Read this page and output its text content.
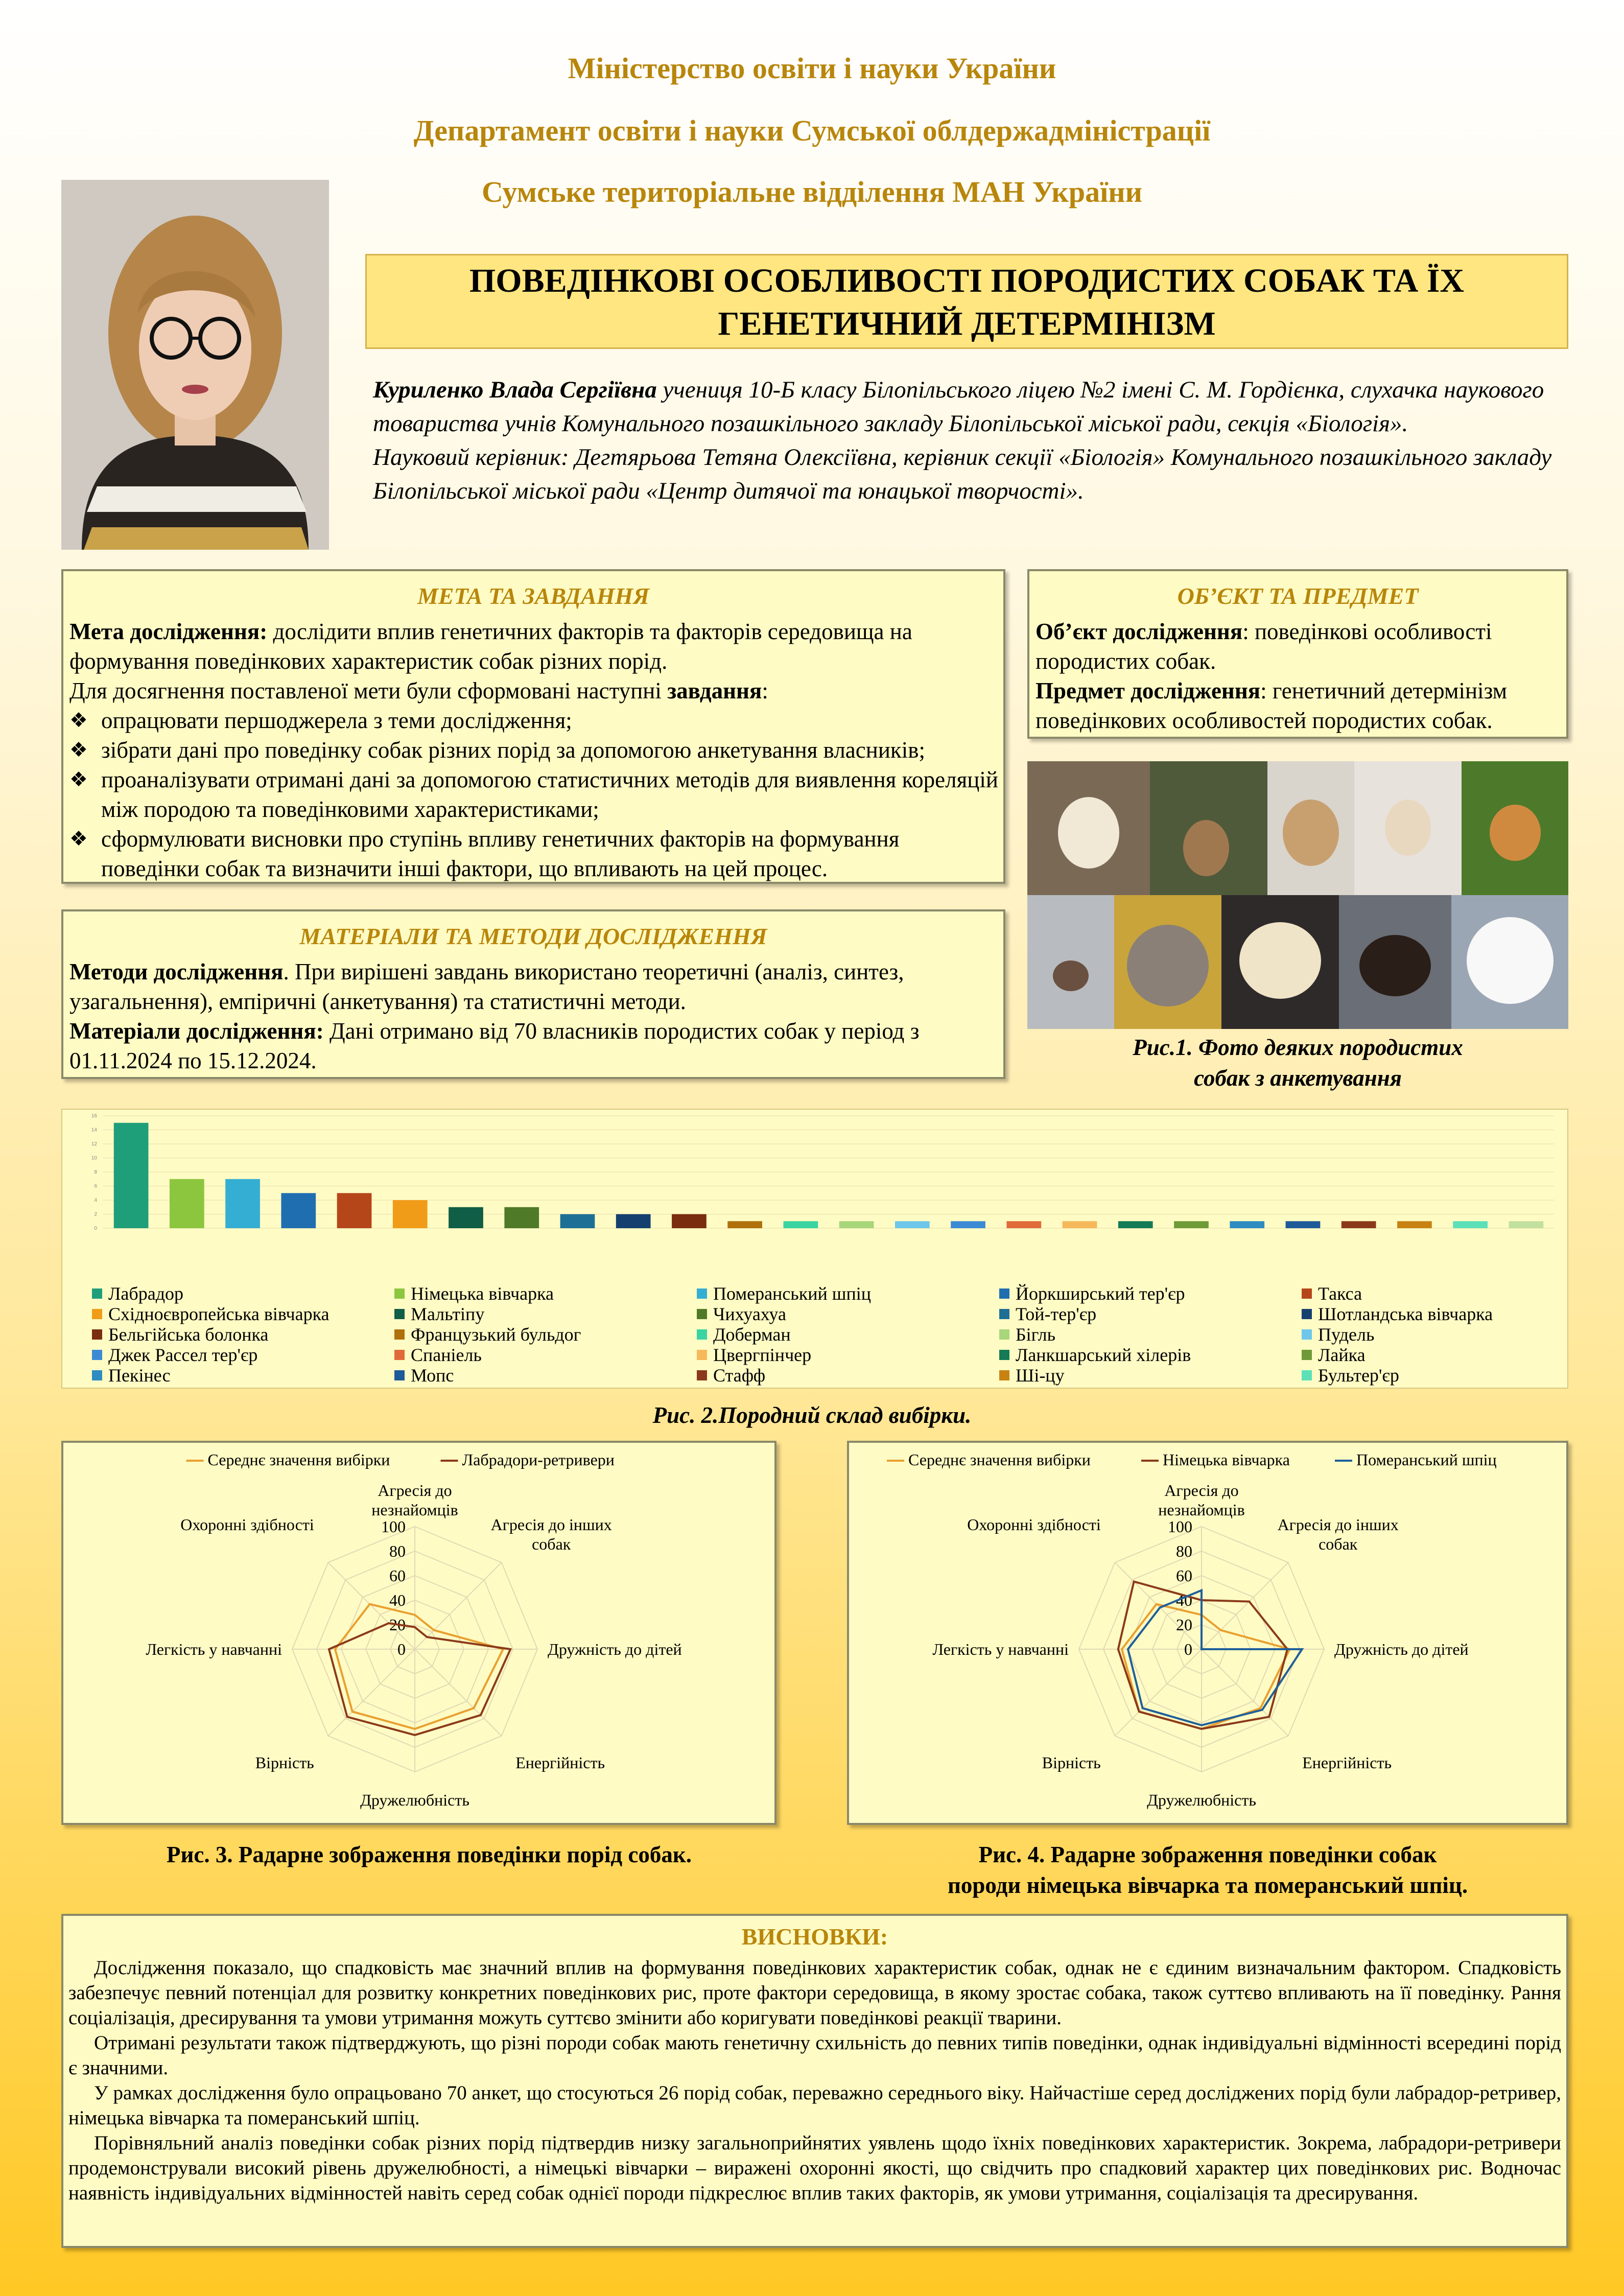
Міністерство освіти і науки України
Департамент освіти і науки Сумської облдержадміністрації
Сумське територіальне відділення МАН України
ПОВЕДІНКОВІ ОСОБЛИВОСТІ ПОРОДИСТИХ СОБАК ТА ЇХ
ГЕНЕТИЧНИЙ ДЕТЕРМІНІЗМ
Куриленко Влада Сергіївна учениця 10-Б класу Білопільського ліцею №2 імені С. М. Гордієнка, слухачка наукового товариства учнів Комунального позашкільного закладу Білопільської міської ради, секція «Біологія».
Науковий керівник: Дегтярьова Тетяна Олексіївна, керівник секції «Біологія» Комунального позашкільного закладу Білопільської міської ради «Центр дитячої та юнацької творчості».
МЕТА ТА ЗАВДАННЯ
Мета дослідження: дослідити вплив генетичних факторів та факторів середовища на формування поведінкових характеристик собак різних порід.
Для досягнення поставленої мети були сформовані наступні завдання:
❖ опрацювати першоджерела з теми дослідження;
❖ зібрати дані про поведінку собак різних порід за допомогою анкетування власників;
❖ проаналізувати отримані дані за допомогою статистичних методів для виявлення кореляцій між породою та поведінковими характеристиками;
❖ сформулювати висновки про ступінь впливу генетичних факторів на формування поведінки собак та визначити інші фактори, що впливають на цей процес.
ОБ’ЄКТ ТА ПРЕДМЕТ
Об’єкт дослідження: поведінкові особливості породистих собак.
Предмет дослідження: генетичний детермінізм поведінкових особливостей породистих собак.
Рис.1. Фото деяких породистих
собак з анкетування
МАТЕРІАЛИ ТА МЕТОДИ ДОСЛІДЖЕННЯ
Методи дослідження. При вирішені завдань використано теоретичні (аналіз, синтез, узагальнення), емпіричні (анкетування) та статистичні методи.
Матеріали дослідження: Дані отримано від 70 власників породистих собак у період з 01.11.2024 по 15.12.2024.
0
2
4
6
8
10
12
14
16
Лабрадор	Німецька вівчарка	Померанський шпіц	Йоркширський тер'єр	Такса
Східноєвропейська вівчарка	Мальтіпу	Чихуахуа	Той-тер'єр	Шотландська вівчарка
Бельгійська болонка	Французький бульдог	Доберман	Бігль	Пудель
Джек Рассел тер'єр	Спаніель	Цвергпінчер	Ланкшарський хілерів	Лайка
Пекінес	Мопс	Стафф	Ші-цу	Бультер'єр
Рис. 2.Породний склад вибірки.
Середнє значення вибірки	Лабрадори-ретривери
0
20
40
60
80
100
Агресія до незнайомців
Агресія до інших собак
Дружність до дітей
Енергійність
Дружелюбність
Вірність
Легкість у навчанні
Охоронні здібності
Рис. 3. Радарне зображення поведінки порід собак.
Середнє значення вибірки	Німецька вівчарка	Померанський шпіц
0
20
40
60
80
100
Агресія до незнайомців
Агресія до інших собак
Дружність до дітей
Енергійність
Дружелюбність
Вірність
Легкість у навчанні
Охоронні здібності
Рис. 4. Радарне зображення поведінки собак
породи німецька вівчарка та померанський шпіц.
ВИСНОВКИ:

Дослідження показало, що спадковість має значний вплив на формування поведінкових характеристик собак, однак не є єдиним визначальним фактором. Спадковість забезпечує певний потенціал для розвитку конкретних поведінкових рис, проте фактори середовища, в якому зростає собака, також суттєво впливають на її поведінку. Рання соціалізація, дресирування та умови утримання можуть суттєво змінити або коригувати поведінкові реакції тварини.

Отримані результати також підтверджують, що різні породи собак мають генетичну схильність до певних типів поведінки, однак індивідуальні відмінності всередині порід є значними.

У рамках дослідження було опрацьовано 70 анкет, що стосуються 26 порід собак, переважно середнього віку. Найчастіше серед досліджених порід були лабрадор-ретривер, німецька вівчарка та померанський шпіц.

Порівняльний аналіз поведінки собак різних порід підтвердив низку загальноприйнятих уявлень щодо їхніх поведінкових характеристик. Зокрема, лабрадори-ретривери продемонстрували високий рівень дружелюбності, а німецькі вівчарки – виражені охоронні якості, що свідчить про спадковий характер цих поведінкових рис. Водночас наявність індивідуальних відмінностей навіть серед собак однієї породи підкреслює вплив таких факторів, як умови утримання, соціалізація та дресирування.
